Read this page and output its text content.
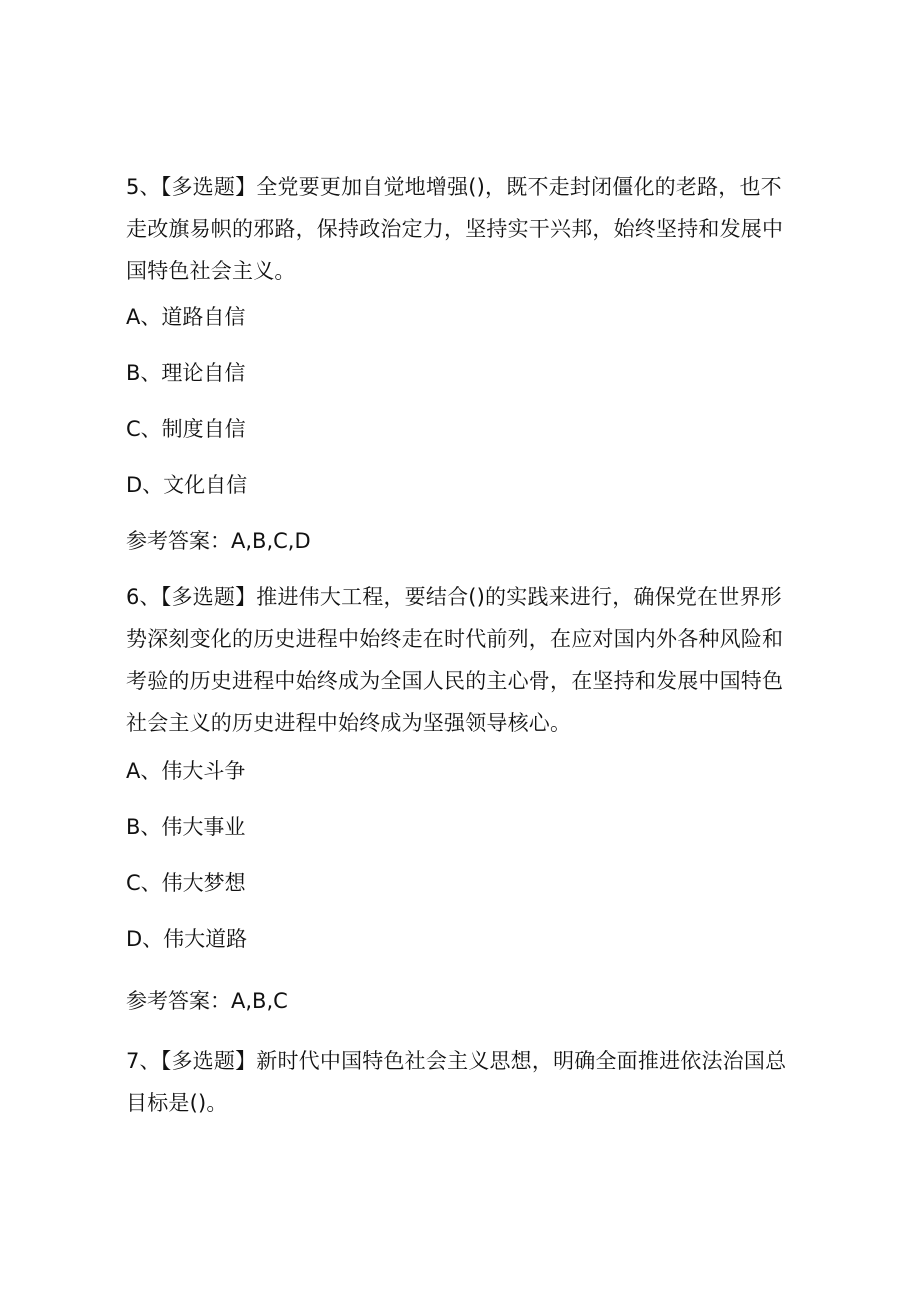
5、【多选题】全党要更加自觉地增强()，既不走封闭僵化的老路，也不走改旗易帜的邪路，保持政治定力，坚持实干兴邦，始终坚持和发展中国特色社会主义。

A、道路自信

B、理论自信

C、制度自信

D、文化自信

参考答案：A,B,C,D

6、【多选题】推进伟大工程，要结合()的实践来进行，确保党在世界形势深刻变化的历史进程中始终走在时代前列，在应对国内外各种风险和考验的历史进程中始终成为全国人民的主心骨，在坚持和发展中国特色社会主义的历史进程中始终成为坚强领导核心。

A、伟大斗争

B、伟大事业

C、伟大梦想

D、伟大道路

参考答案：A,B,C

7、【多选题】新时代中国特色社会主义思想，明确全面推进依法治国总目标是()。
